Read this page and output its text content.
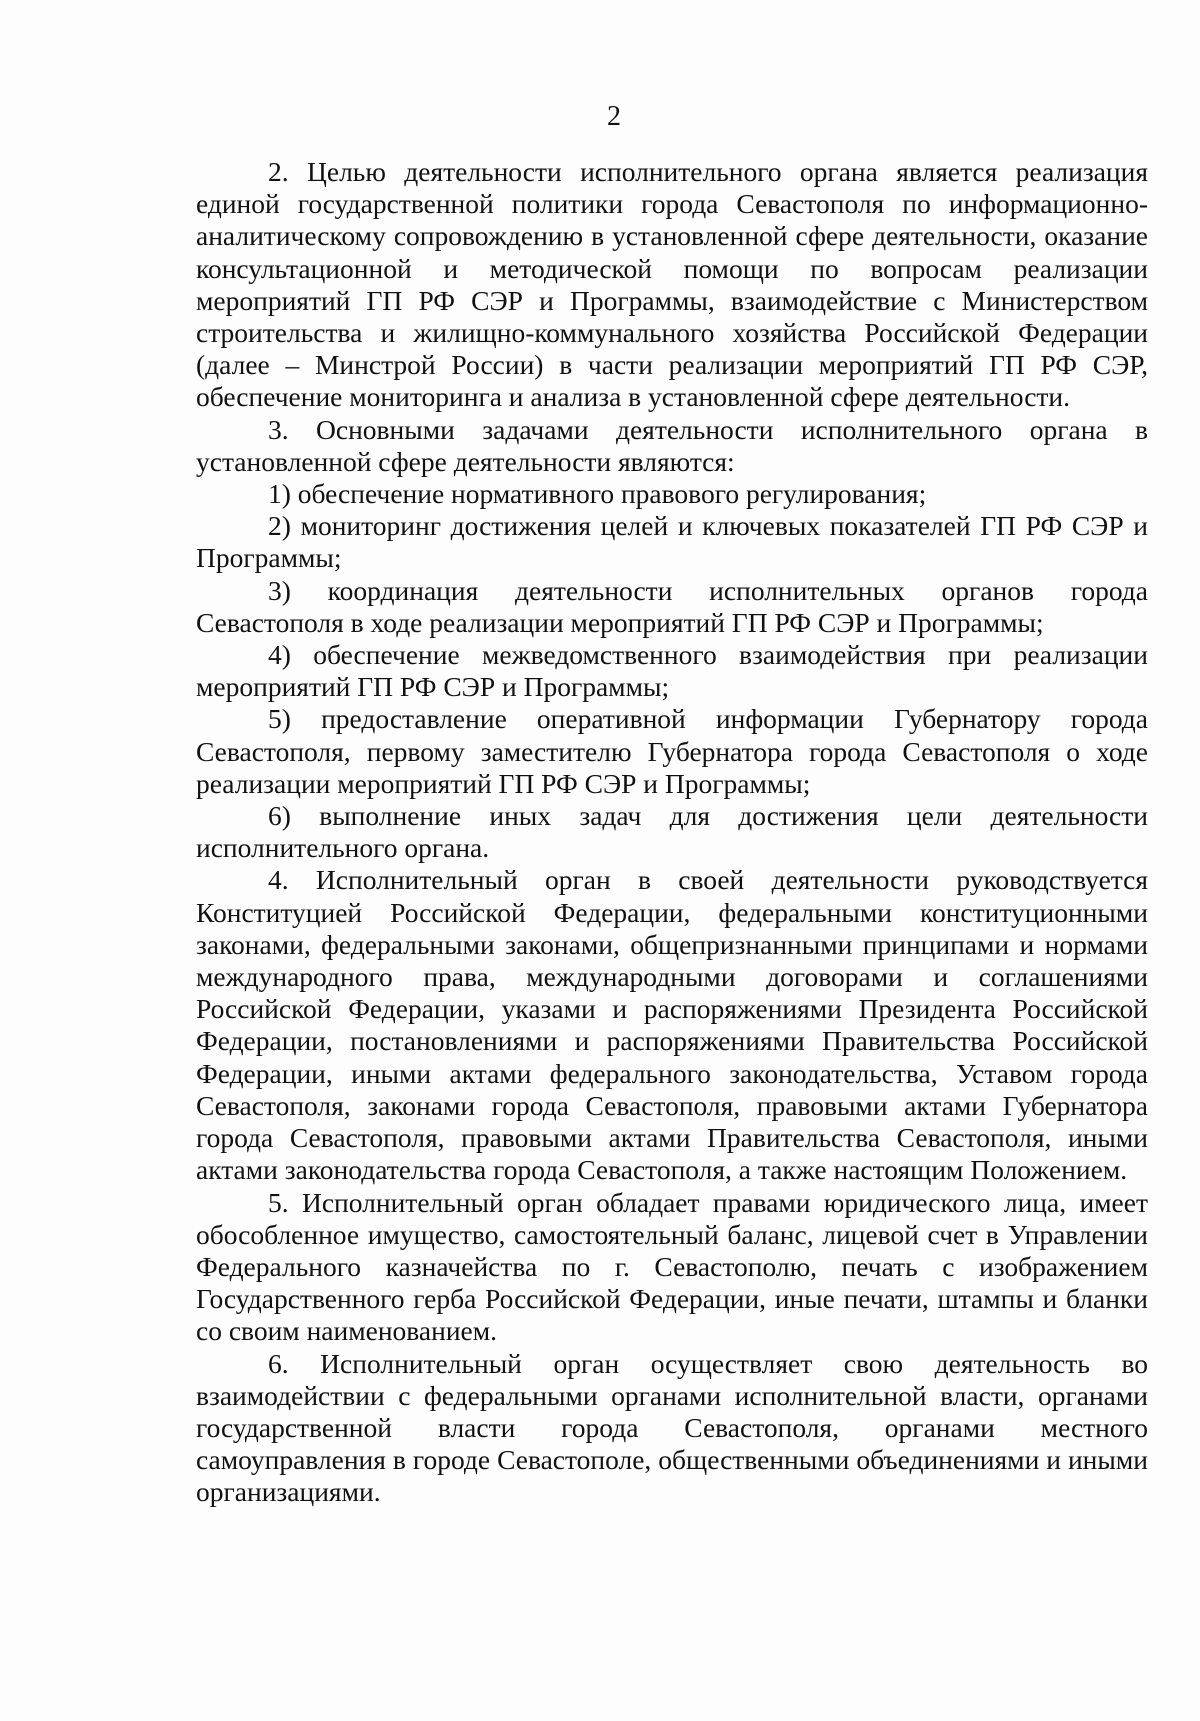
2

2. Целью деятельности исполнительного органа является реализация единой государственной политики города Севастополя по информационно-аналитическому сопровождению в установленной сфере деятельности, оказание консультационной и методической помощи по вопросам реализации мероприятий ГП РФ СЭР и Программы, взаимодействие с Министерством строительства и жилищно-коммунального хозяйства Российской Федерации (далее – Минстрой России) в части реализации мероприятий ГП РФ СЭР, обеспечение мониторинга и анализа в установленной сфере деятельности.

3. Основными задачами деятельности исполнительного органа в установленной сфере деятельности являются:

1) обеспечение нормативного правового регулирования;

2) мониторинг достижения целей и ключевых показателей ГП РФ СЭР и Программы;

3) координация деятельности исполнительных органов города Севастополя в ходе реализации мероприятий ГП РФ СЭР и Программы;

4) обеспечение межведомственного взаимодействия при реализации мероприятий ГП РФ СЭР и Программы;

5) предоставление оперативной информации Губернатору города Севастополя, первому заместителю Губернатора города Севастополя о ходе реализации мероприятий ГП РФ СЭР и Программы;

6) выполнение иных задач для достижения цели деятельности исполнительного органа.

4. Исполнительный орган в своей деятельности руководствуется Конституцией Российской Федерации, федеральными конституционными законами, федеральными законами, общепризнанными принципами и нормами международного права, международными договорами и соглашениями Российской Федерации, указами и распоряжениями Президента Российской Федерации, постановлениями и распоряжениями Правительства Российской Федерации, иными актами федерального законодательства, Уставом города Севастополя, законами города Севастополя, правовыми актами Губернатора города Севастополя, правовыми актами Правительства Севастополя, иными актами законодательства города Севастополя, а также настоящим Положением.

5. Исполнительный орган обладает правами юридического лица, имеет обособленное имущество, самостоятельный баланс, лицевой счет в Управлении Федерального казначейства по г. Севастополю, печать с изображением Государственного герба Российской Федерации, иные печати, штампы и бланки со своим наименованием.

6. Исполнительный орган осуществляет свою деятельность во взаимодействии с федеральными органами исполнительной власти, органами государственной власти города Севастополя, органами местного самоуправления в городе Севастополе, общественными объединениями и иными организациями.
